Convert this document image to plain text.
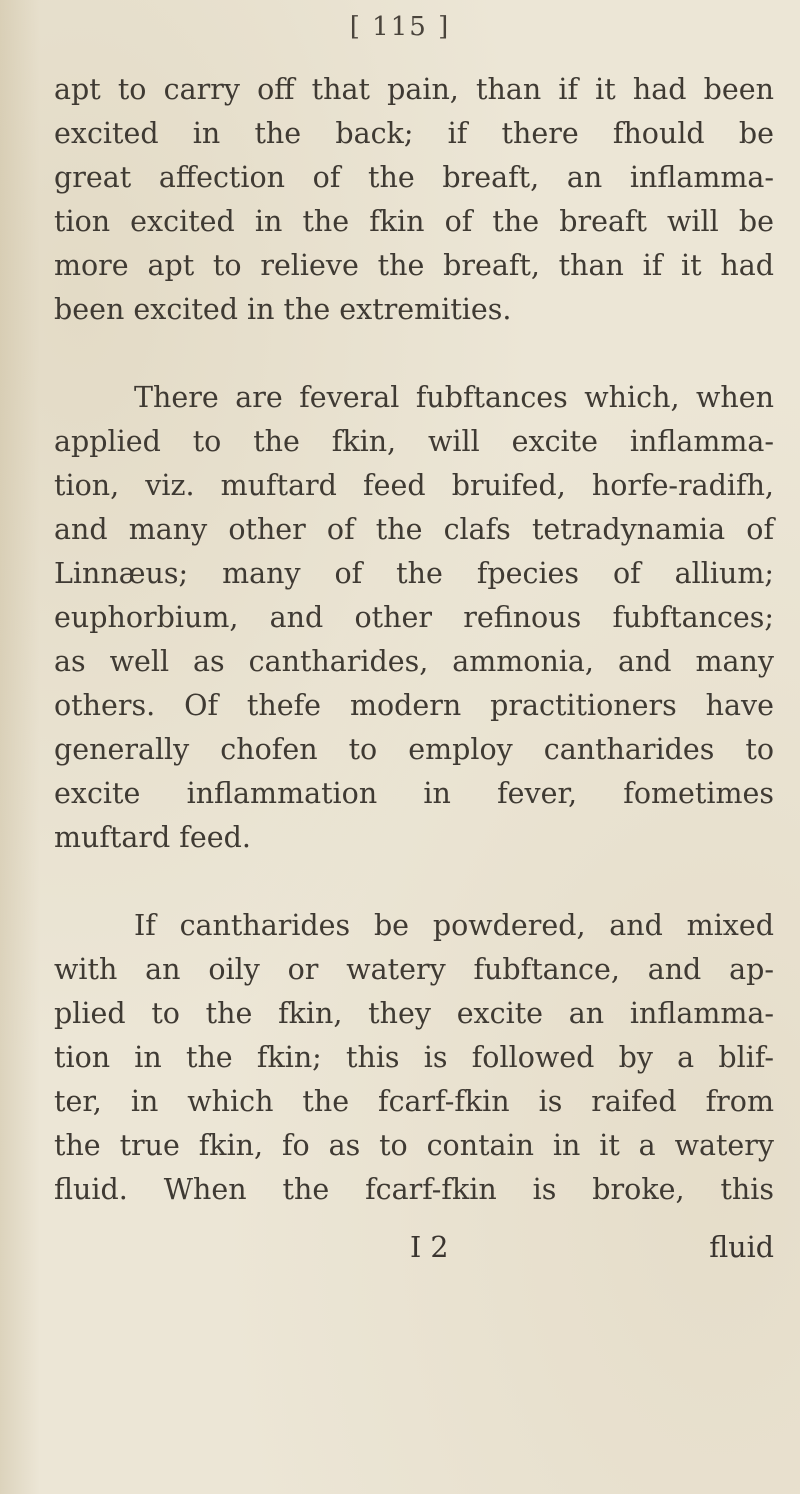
[ 115 ]
apt to carry off that pain, than if it had been
excited in the back; if there fhould be
great affection of the breaft, an inflamma-
tion excited in the fkin of the breaft will be
more apt to relieve the breaft, than if it had
been excited in the extremities.
There are feveral fubftances which, when
applied to the fkin, will excite inflamma-
tion, viz. muftard feed bruifed, horfe-radifh,
and many other of the clafs tetradynamia of
Linnæus; many of the fpecies of allium;
euphorbium, and other refinous fubftances;
as well as cantharides, ammonia, and many
others. Of thefe modern practitioners have
generally chofen to employ cantharides to
excite inflammation in fever, fometimes
muftard feed.
If cantharides be powdered, and mixed
with an oily or watery fubftance, and ap-
plied to the fkin, they excite an inflamma-
tion in the fkin; this is followed by a blif-
ter, in which the fcarf-fkin is raifed from
the true fkin, fo as to contain in it a watery
fluid. When the fcarf-fkin is broke, this
I 2	fluid
